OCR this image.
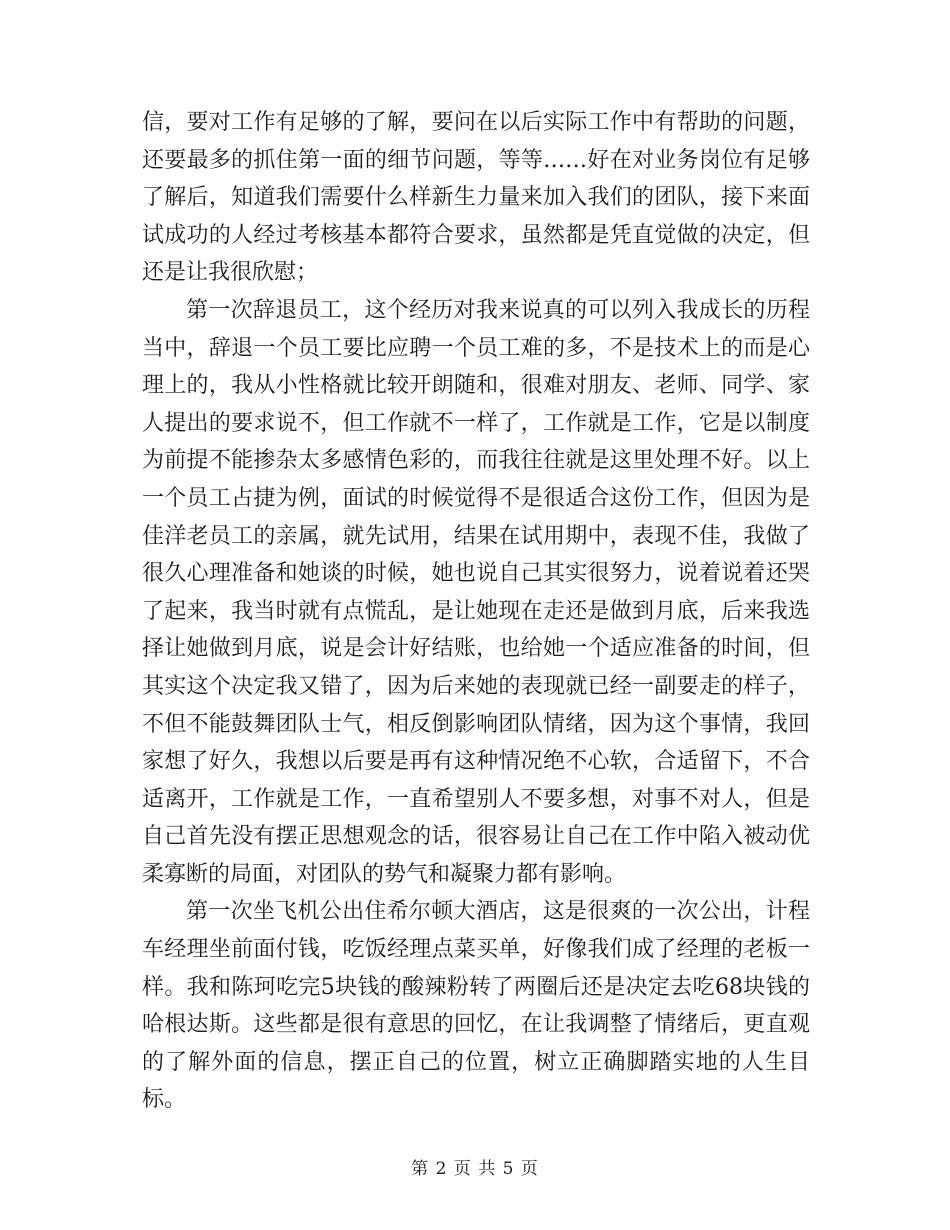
信，要对工作有足够的了解，要问在以后实际工作中有帮助的问题，还要最多的抓住第一面的细节问题，等等……好在对业务岗位有足够了解后，知道我们需要什么样新生力量来加入我们的团队，接下来面试成功的人经过考核基本都符合要求，虽然都是凭直觉做的决定，但还是让我很欣慰；

第一次辞退员工，这个经历对我来说真的可以列入我成长的历程当中，辞退一个员工要比应聘一个员工难的多，不是技术上的而是心理上的，我从小性格就比较开朗随和，很难对朋友、老师、同学、家人提出的要求说不，但工作就不一样了，工作就是工作，它是以制度为前提不能掺杂太多感情色彩的，而我往往就是这里处理不好。以上一个员工占捷为例，面试的时候觉得不是很适合这份工作，但因为是佳洋老员工的亲属，就先试用，结果在试用期中，表现不佳，我做了很久心理准备和她谈的时候，她也说自己其实很努力，说着说着还哭了起来，我当时就有点慌乱，是让她现在走还是做到月底，后来我选择让她做到月底，说是会计好结账，也给她一个适应准备的时间，但其实这个决定我又错了，因为后来她的表现就已经一副要走的样子，不但不能鼓舞团队士气，相反倒影响团队情绪，因为这个事情，我回家想了好久，我想以后要是再有这种情况绝不心软，合适留下，不合适离开，工作就是工作，一直希望别人不要多想，对事不对人，但是自己首先没有摆正思想观念的话，很容易让自己在工作中陷入被动优柔寡断的局面，对团队的势气和凝聚力都有影响。

第一次坐飞机公出住希尔顿大酒店，这是很爽的一次公出，计程车经理坐前面付钱，吃饭经理点菜买单，好像我们成了经理的老板一样。我和陈珂吃完5块钱的酸辣粉转了两圈后还是决定去吃68块钱的哈根达斯。这些都是很有意思的回忆，在让我调整了情绪后，更直观的了解外面的信息，摆正自己的位置，树立正确脚踏实地的人生目标。

第 2 页 共 5 页
